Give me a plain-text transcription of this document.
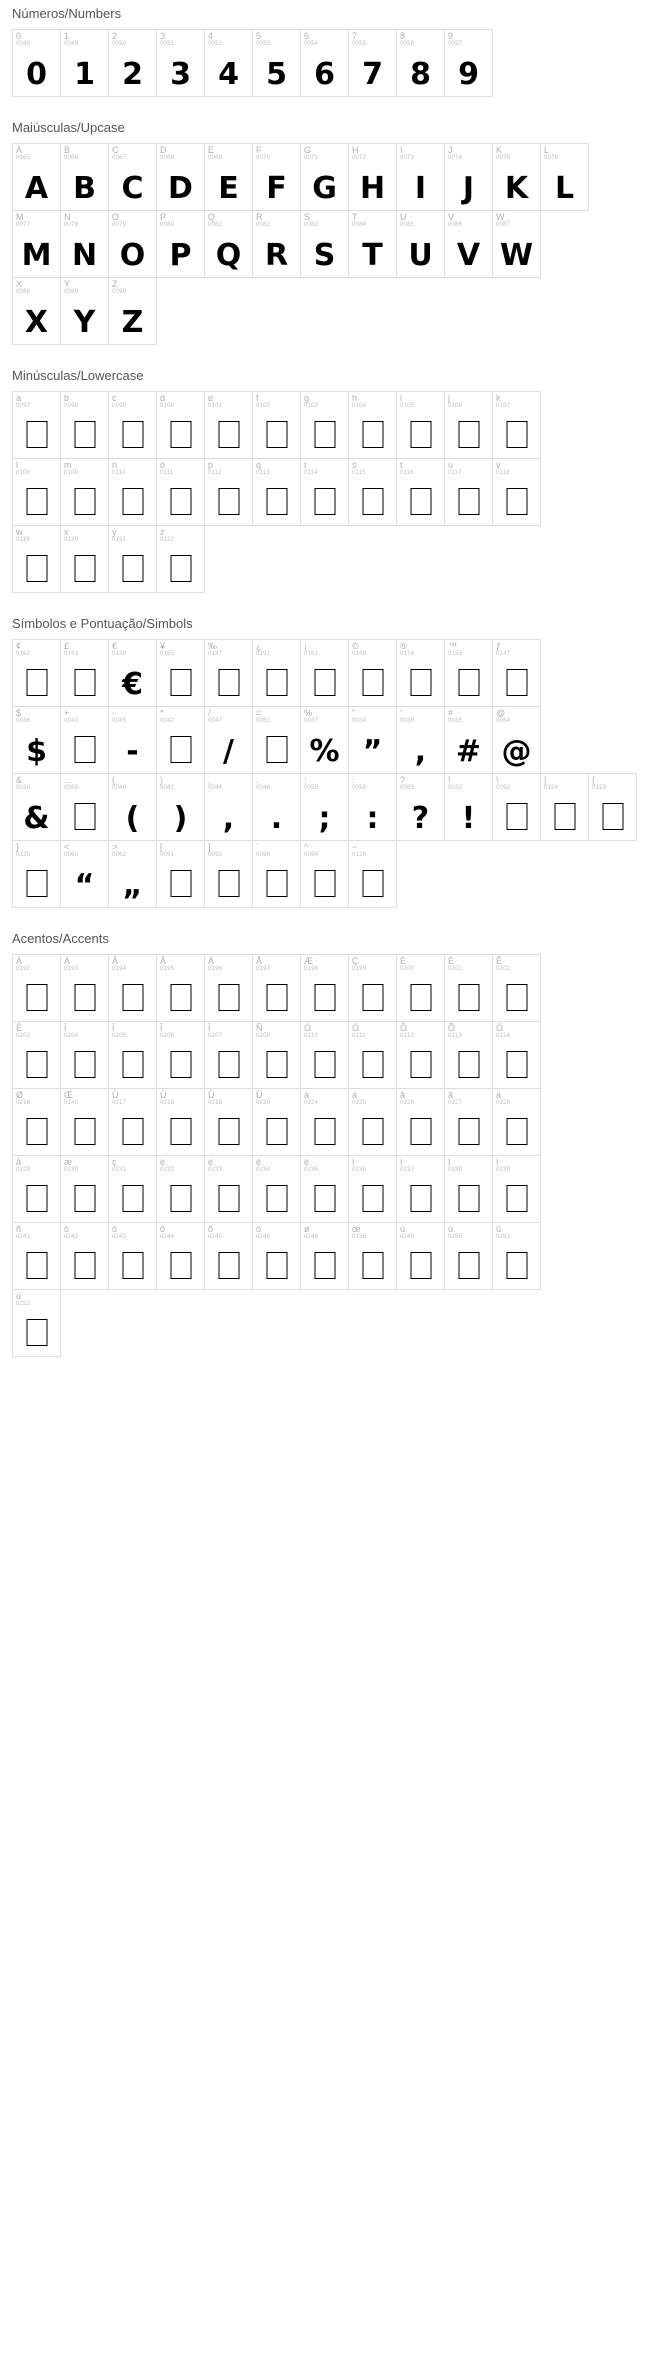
Números/Numbers
0
0048
0
1
0049
1
2
0050
2
3
0051
3
4
0052
4
5
0053
5
6
0054
6
7
0055
7
8
0056
8
9
0057
9
Maiúsculas/Upcase
A
0065
A
B
0066
B
C
0067
C
D
0068
D
E
0069
E
F
0070
F
G
0071
G
H
0072
H
I
0073
I
J
0074
J
K
0075
K
L
0076
L
M
0077
M
N
0078
N
O
0079
O
P
0080
P
Q
0081
Q
R
0082
R
S
0083
S
T
0084
T
U
0085
U
V
0086
V
W
0087
W
X
0088
X
Y
0089
Y
Z
0090
Z
Minúsculas/Lowercase
a
0097
b
0098
c
0099
d
0100
e
0101
f
0102
g
0103
h
0104
i
0105
j
0106
k
0107
l
0108
m
0109
n
0110
o
0111
p
0112
q
0113
r
0114
s
0115
t
0116
u
0117
v
0118
w
0119
x
0120
y
0121
z
0122
Símbolos e Pontuação/Simbols
¢
0162
£
0163
€
0128
€
¥
0165
‰
0137
¿
0191
¡
0161
©
0169
®
0174
™
0153
ƒ
0247
$
0036
$
+
0043
-
0045
-
*
0042
/
0047
/
=
0061
%
0037
%
"
0034
”
'
0039
,
#
0035
#
@
0064
@
&
0038
&
...
0085
(
0040
(
)
0041
)
,
0044
,
.
0046
.
;
0059
;
:
0058
:
?
0063
?
!
0033
!
\
0092
|
0124
{
0123
}
0125
<
0060
“
>
0062
„
[
0091
]
0093
`
0096
^
0094
~
0126
Acentos/Accents
À
0192
Á
0193
Â
0194
Ã
0195
Ä
0196
Å
0197
Æ
0198
Ç
0199
È
0200
É
0201
Ê
0202
Ë
0203
Ì
0204
Í
0205
Î
0206
Ï
0207
Ñ
0209
Ò
0210
Ó
0211
Ô
0212
Õ
0213
Ö
0214
Ø
0216
Œ
0140
Ù
0217
Ú
0218
Û
0219
Ü
0220
à
0224
á
0225
â
0226
ã
0227
ä
0228
å
0229
æ
0230
ç
0231
è
0232
é
0233
ê
0234
ë
0235
ì
0236
í
0237
î
0338
ï
0239
ñ
0241
ò
0242
ó
0243
ô
0244
õ
0245
ö
0246
ø
0248
œ
0156
ù
0249
ú
0250
û
0251
ü
0252
